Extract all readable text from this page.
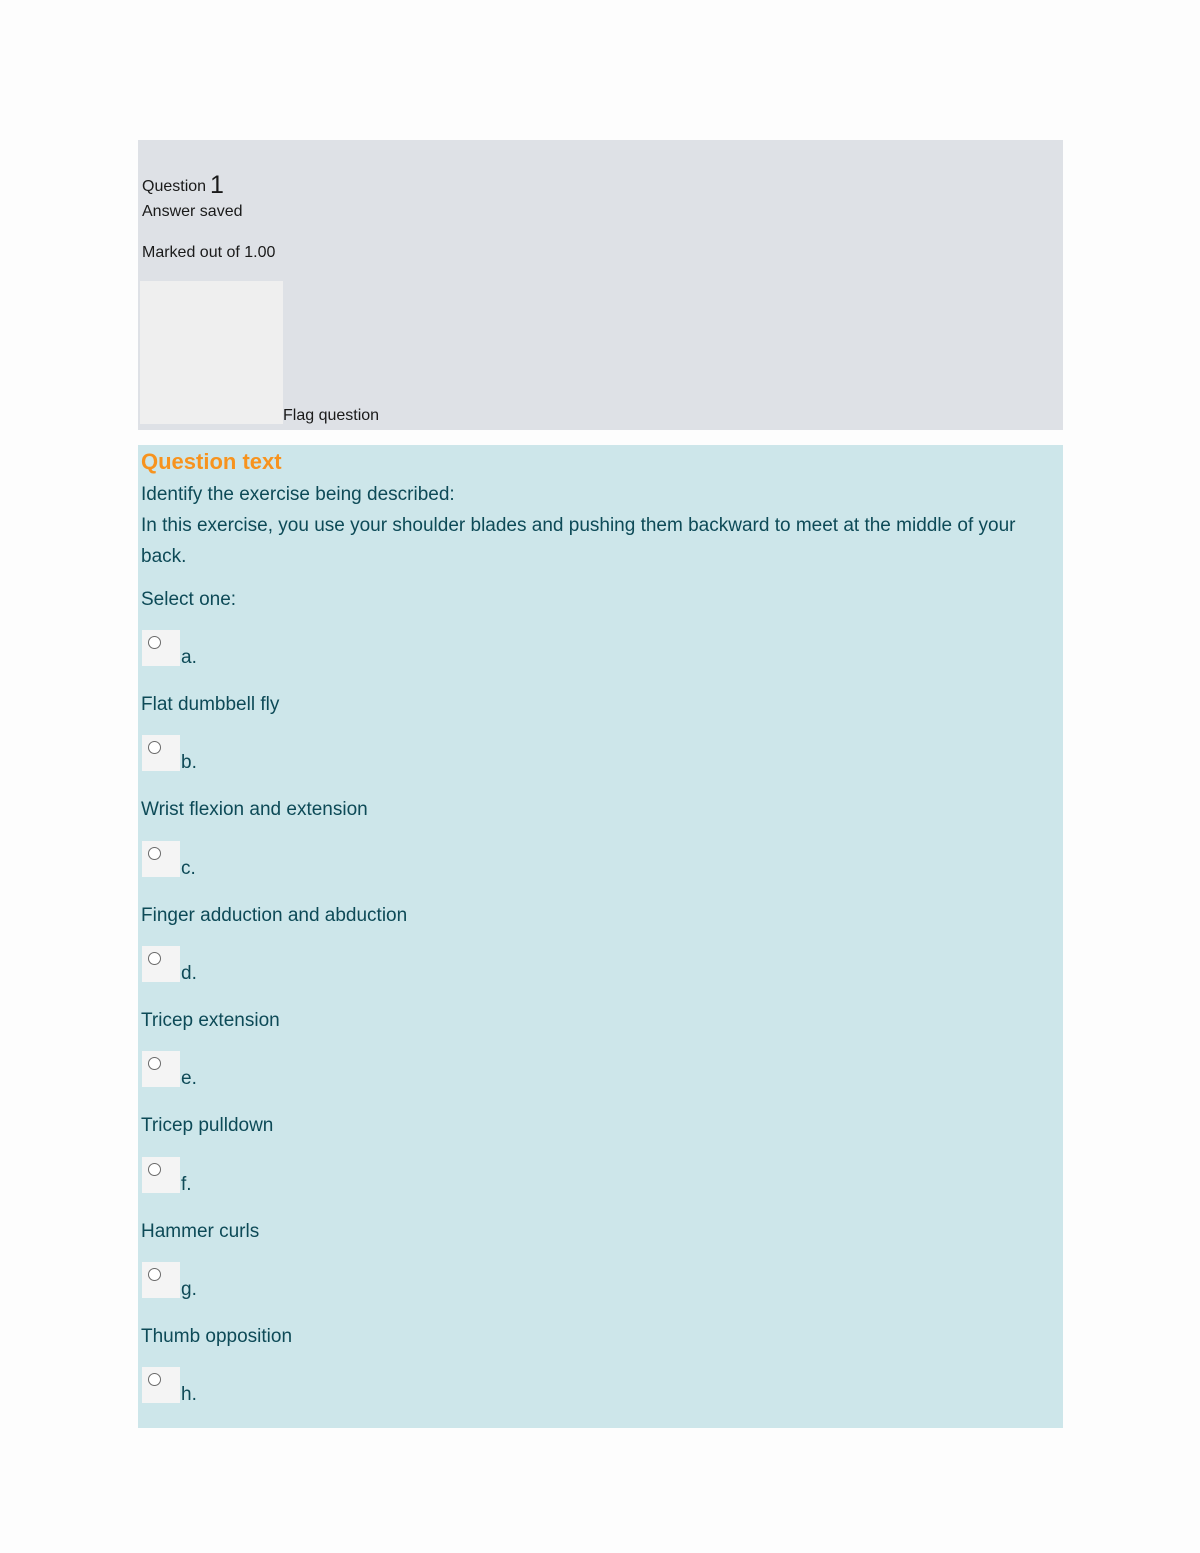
Question 1
Answer saved
Marked out of 1.00
Flag question
Question text
Identify the exercise being described:
In this exercise, you use your shoulder blades and pushing them backward to meet at the middle of your back.
Select one:
a.
Flat dumbbell fly
b.
Wrist flexion and extension
c.
Finger adduction and abduction
d.
Tricep extension
e.
Tricep pulldown
f.
Hammer curls
g.
Thumb opposition
h.
